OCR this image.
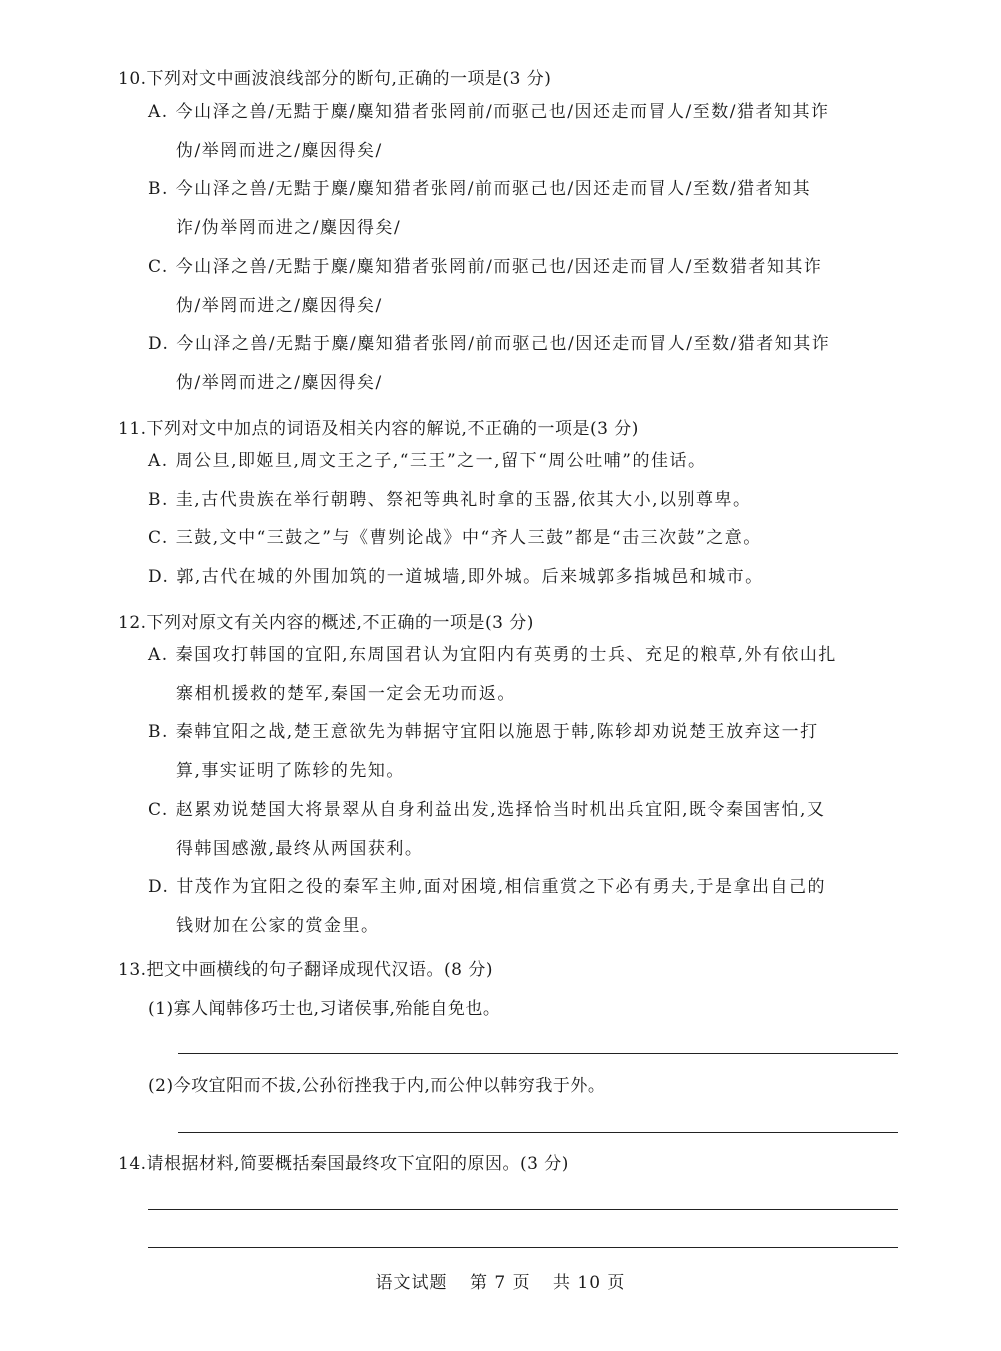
10.下列对文中画波浪线部分的断句,正确的一项是(3 分)
A. 今山泽之兽/无黠于麋/麋知猎者张罔前/而驱己也/因还走而冒人/至数/猎者知其诈
伪/举罔而进之/麋因得矣/
B. 今山泽之兽/无黠于麋/麋知猎者张罔/前而驱己也/因还走而冒人/至数/猎者知其
诈/伪举罔而进之/麋因得矣/
C. 今山泽之兽/无黠于麋/麋知猎者张罔前/而驱己也/因还走而冒人/至数猎者知其诈
伪/举罔而进之/麋因得矣/
D. 今山泽之兽/无黠于麋/麋知猎者张罔/前而驱己也/因还走而冒人/至数/猎者知其诈
伪/举罔而进之/麋因得矣/
11.下列对文中加点的词语及相关内容的解说,不正确的一项是(3 分)
A. 周公旦,即姬旦,周文王之子,“三王”之一,留下“周公吐哺”的佳话。
B. 圭,古代贵族在举行朝聘、祭祀等典礼时拿的玉器,依其大小,以别尊卑。
C. 三鼓,文中“三鼓之”与《曹刿论战》中“齐人三鼓”都是“击三次鼓”之意。
D. 郭,古代在城的外围加筑的一道城墙,即外城。后来城郭多指城邑和城市。
12.下列对原文有关内容的概述,不正确的一项是(3 分)
A. 秦国攻打韩国的宜阳,东周国君认为宜阳内有英勇的士兵、充足的粮草,外有依山扎
寨相机援救的楚军,秦国一定会无功而返。
B. 秦韩宜阳之战,楚王意欲先为韩据守宜阳以施恩于韩,陈轸却劝说楚王放弃这一打
算,事实证明了陈轸的先知。
C. 赵累劝说楚国大将景翠从自身利益出发,选择恰当时机出兵宜阳,既令秦国害怕,又
得韩国感激,最终从两国获利。
D. 甘茂作为宜阳之役的秦军主帅,面对困境,相信重赏之下必有勇夫,于是拿出自己的
钱财加在公家的赏金里。
13.把文中画横线的句子翻译成现代汉语。(8 分)
(1)寡人闻韩侈巧士也,习诸侯事,殆能自免也。
(2)今攻宜阳而不拔,公孙衍挫我于内,而公仲以韩穷我于外。
14.请根据材料,简要概括秦国最终攻下宜阳的原因。(3 分)
语文试题 第 7 页 共 10 页
